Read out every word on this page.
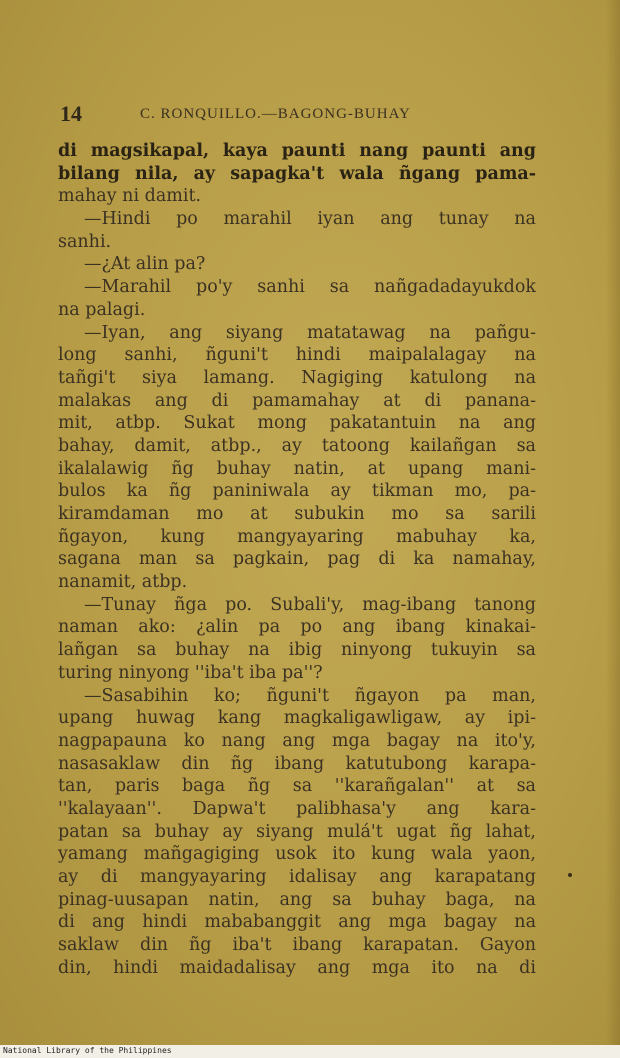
14	C. RONQUILLO.—BAGONG-BUHAY
di magsikapal, kaya paunti nang paunti ang
bilang nila, ay sapagka't wala ñgang pama-
mahay ni damit.
—Hindi po marahil iyan ang tunay na
sanhi.
—¿At alin pa?
—Marahil po'y sanhi sa nañgadadayukdok
na palagi.
—Iyan, ang siyang matatawag na pañgu-
long sanhi, ñguni't hindi maipalalagay na
tañgi't siya lamang. Nagiging katulong na
malakas ang di pamamahay at di panana-
mit, atbp. Sukat mong pakatantuin na ang
bahay, damit, atbp., ay tatoong kailañgan sa
ikalalawig ñg buhay natin, at upang mani-
bulos ka ñg paniniwala ay tikman mo, pa-
kiramdaman mo at subukin mo sa sarili
ñgayon, kung mangyayaring mabuhay ka,
sagana man sa pagkain, pag di ka namahay,
nanamit, atbp.
—Tunay ñga po. Subali'y, mag-ibang tanong
naman ako: ¿alin pa po ang ibang kinakai-
lañgan sa buhay na ibig ninyong tukuyin sa
turing ninyong ''iba't iba pa''?
—Sasabihin ko; ñguni't ñgayon pa man,
upang huwag kang magkaligawligaw, ay ipi-
nagpapauna ko nang ang mga bagay na ito'y,
nasasaklaw din ñg ibang katutubong karapa-
tan, paris baga ñg sa ''karañgalan'' at sa
''kalayaan''. Dapwa't palibhasa'y ang kara-
patan sa buhay ay siyang mulá't ugat ñg lahat,
yamang mañgagiging usok ito kung wala yaon,
ay di mangyayaring idalisay ang karapatang
pinag-uusapan natin, ang sa buhay baga, na
di ang hindi mababanggit ang mga bagay na
saklaw din ñg iba't ibang karapatan. Gayon
din, hindi maidadalisay ang mga ito na di
National Library of the Philippines
